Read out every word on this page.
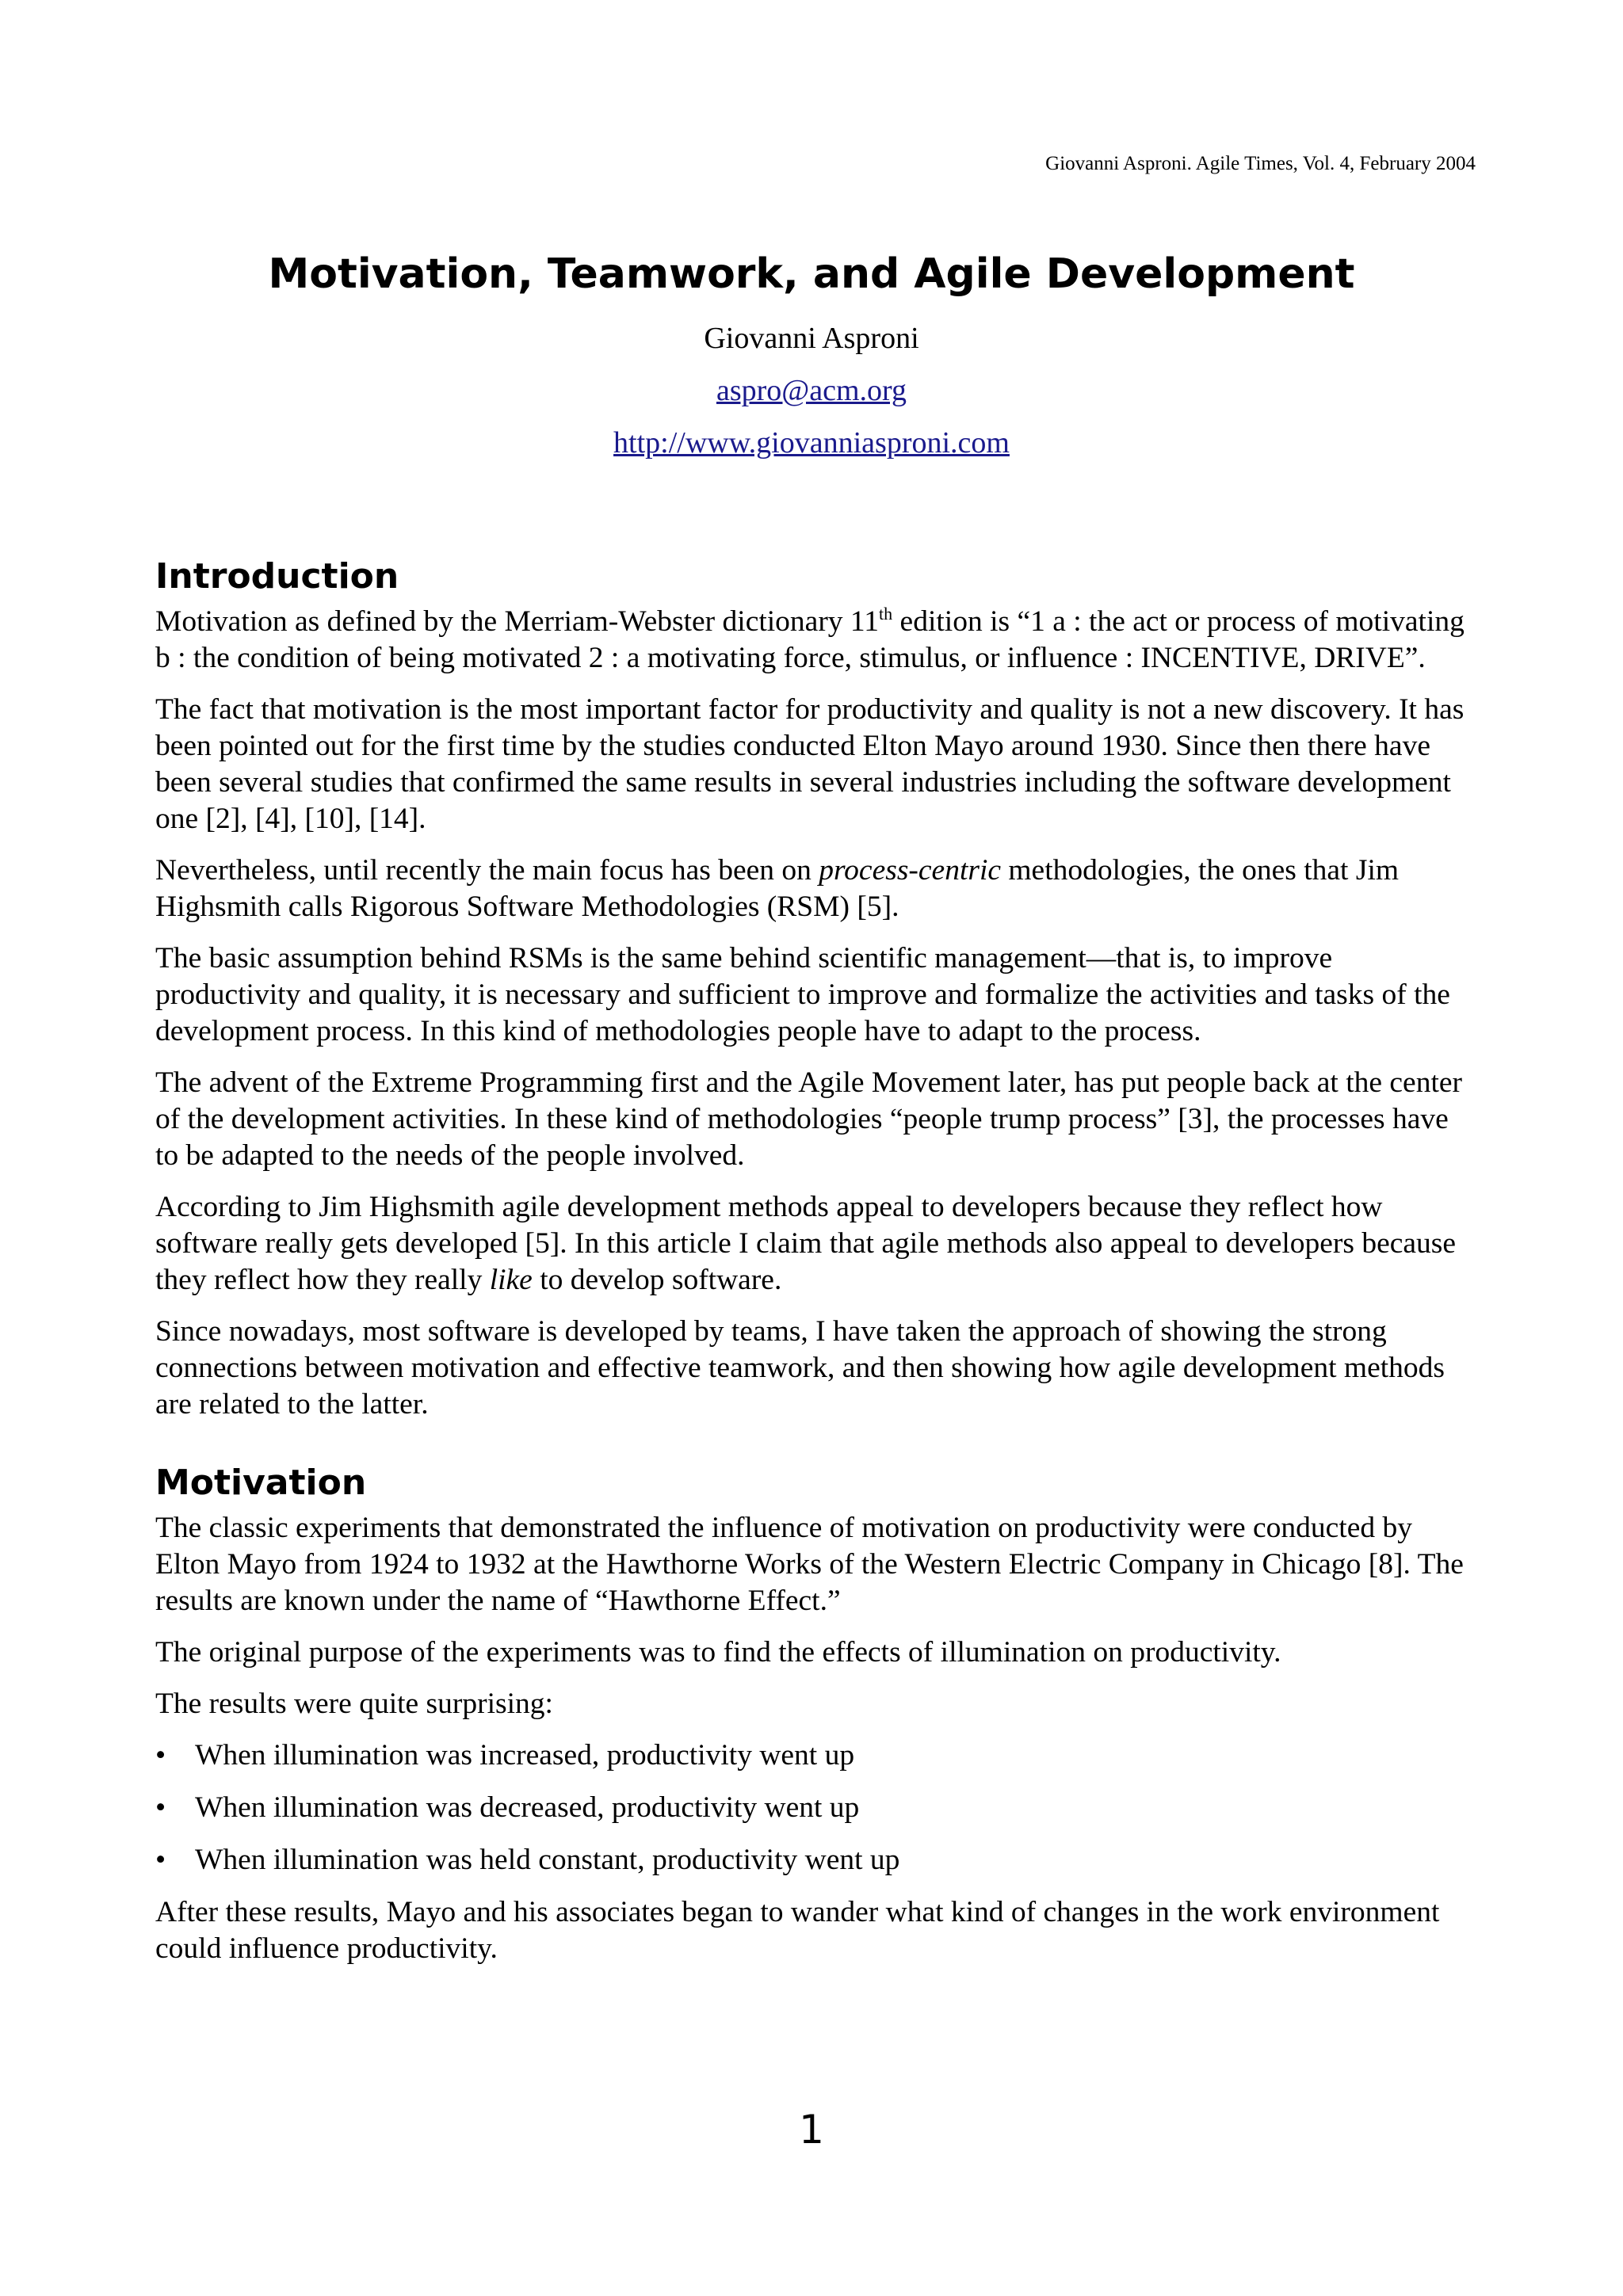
Giovanni Asproni. Agile Times, Vol. 4, February 2004
Motivation, Teamwork, and Agile Development
Giovanni Asproni
aspro@acm.org
http://www.giovanniasproni.com
Introduction

Motivation as defined by the Merriam-Webster dictionary 11th edition is “1 a : the act or process of motivating b : the condition of being motivated 2 : a motivating force, stimulus, or influence : INCENTIVE, DRIVE”.

The fact that motivation is the most important factor for productivity and quality is not a new discovery. It has been pointed out for the first time by the studies conducted Elton Mayo around 1930. Since then there have been several studies that confirmed the same results in several industries including the software development one [2], [4], [10], [14].

Nevertheless, until recently the main focus has been on process-centric methodologies, the ones that Jim Highsmith calls Rigorous Software Methodologies (RSM) [5].

The basic assumption behind RSMs is the same behind scientific management—that is, to improve productivity and quality, it is necessary and sufficient to improve and formalize the activities and tasks of the development process. In this kind of methodologies people have to adapt to the process.

The advent of the Extreme Programming first and the Agile Movement later, has put people back at the center of the development activities. In these kind of methodologies “people trump process” [3], the processes have to be adapted to the needs of the people involved.

According to Jim Highsmith agile development methods appeal to developers because they reflect how software really gets developed [5]. In this article I claim that agile methods also appeal to developers because they reflect how they really like to develop software.

Since nowadays, most software is developed by teams, I have taken the approach of showing the strong connections between motivation and effective teamwork, and then showing how agile development methods are related to the latter.

Motivation

The classic experiments that demonstrated the influence of motivation on productivity were conducted by Elton Mayo from 1924 to 1932 at the Hawthorne Works of the Western Electric Company in Chicago [8]. The results are known under the name of “Hawthorne Effect.”

The original purpose of the experiments was to find the effects of illumination on productivity.

The results were quite surprising:

• When illumination was increased, productivity went up
• When illumination was decreased, productivity went up
• When illumination was held constant, productivity went up

After these results, Mayo and his associates began to wander what kind of changes in the work environment could influence productivity.

1
